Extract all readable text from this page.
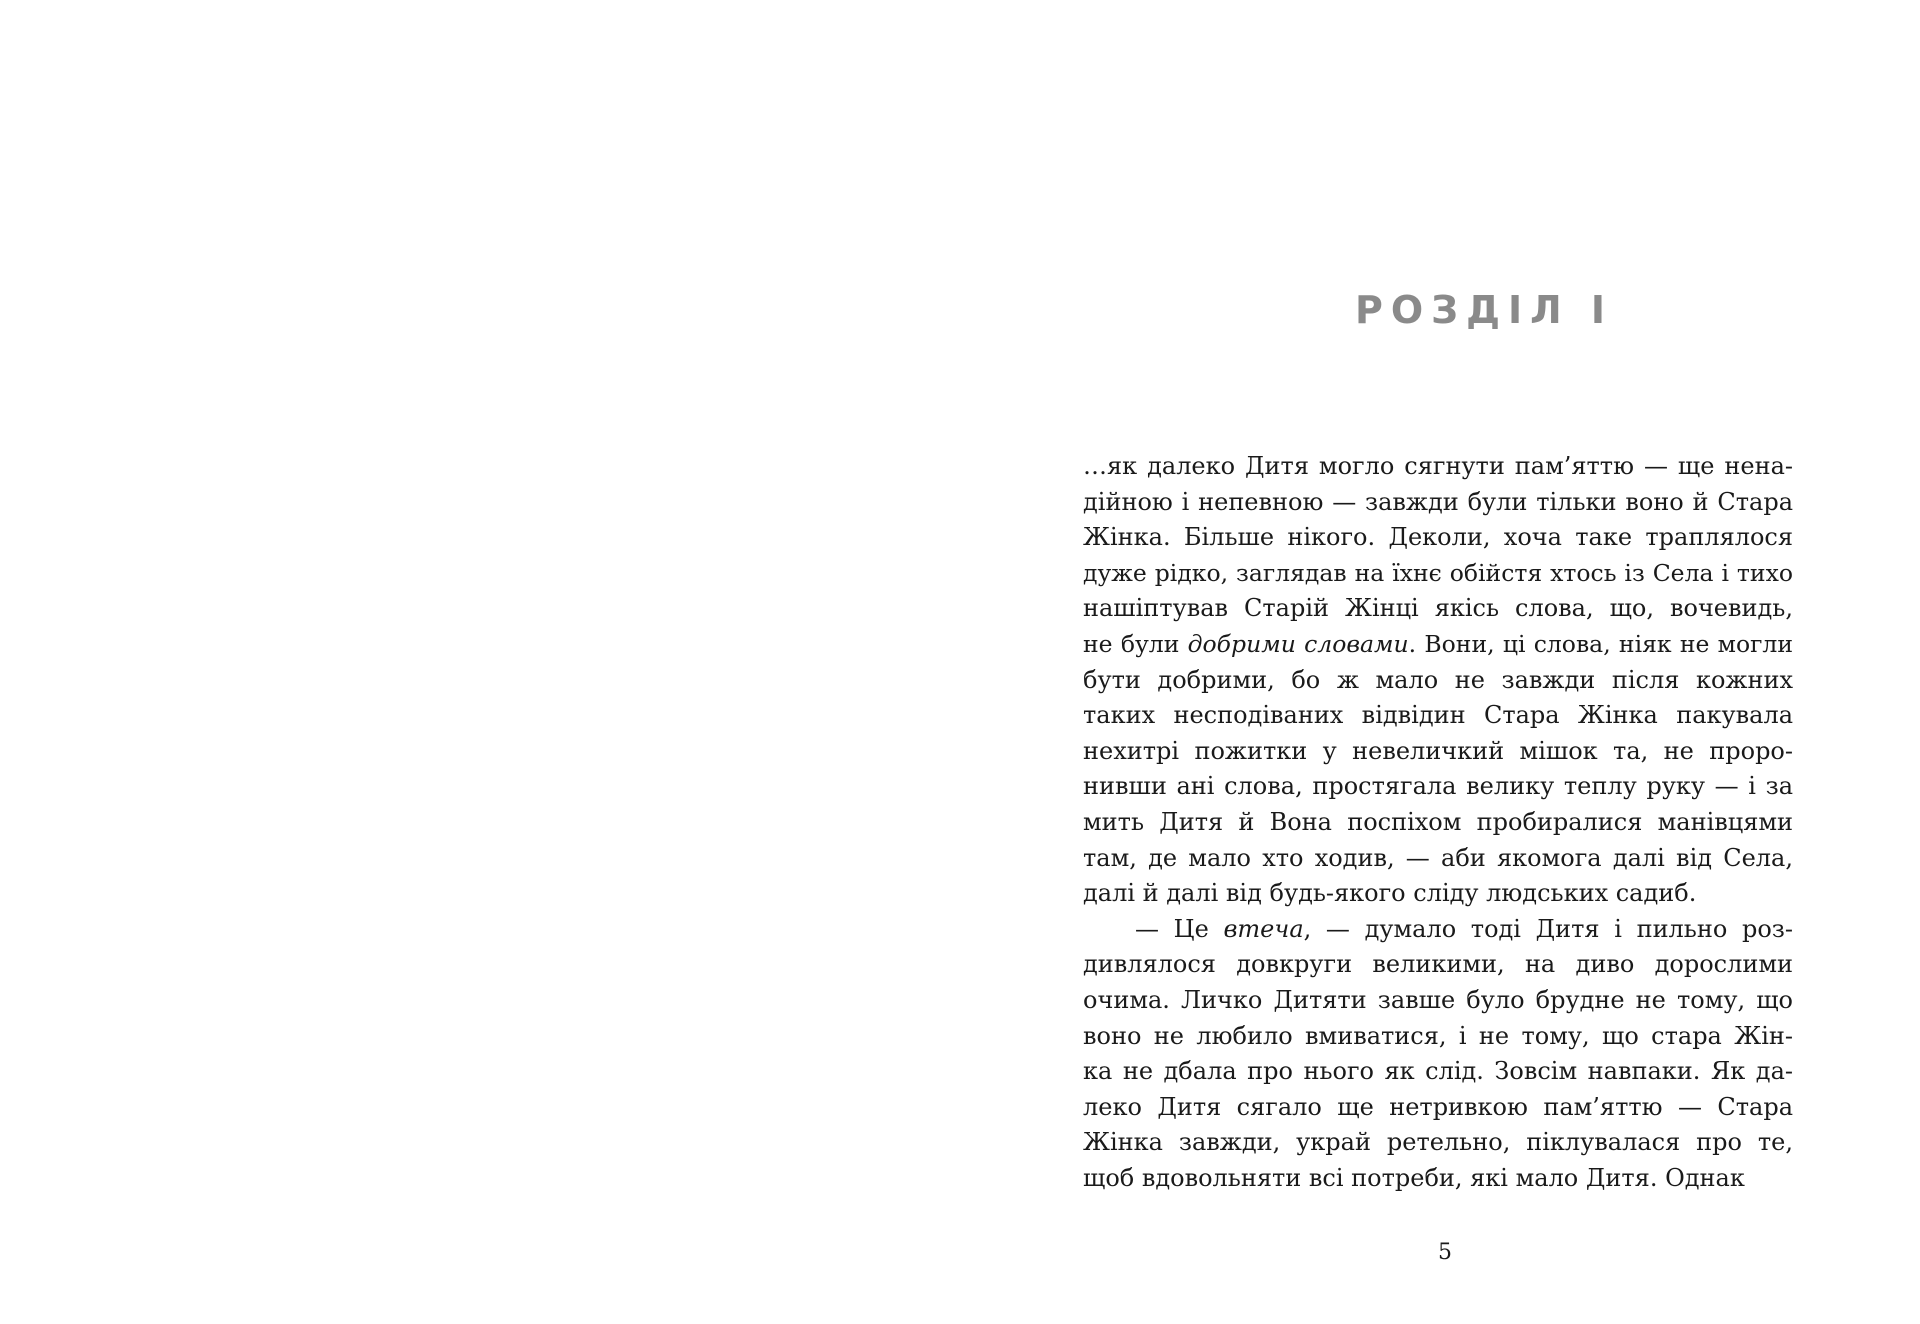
РОЗДІЛ І
…як далеко Дитя могло сягнути пам’яттю — ще нена-
дійною і непевною — завжди були тільки воно й Стара
Жінка. Більше нікого. Деколи, хоча таке траплялося
дуже рідко, заглядав на їхнє обійстя хтось із Села і тихо
нашіптував Старій Жінці якісь слова, що, вочевидь,
не були добрими словами. Вони, ці слова, ніяк не могли
бути добрими, бо ж мало не завжди після кожних
таких несподіваних відвідин Стара Жінка пакувала
нехитрі пожитки у невеличкий мішок та, не проро-
нивши ані слова, простягала велику теплу руку — і за
мить Дитя й Вона поспіхом пробиралися манівцями
там, де мало хто ходив, — аби якомога далі від Села,
далі й далі від будь-якого сліду людських садиб.
— Це втеча, — думало тоді Дитя і пильно роз-
дивлялося довкруги великими, на диво дорослими
очима. Личко Дитяти завше було брудне не тому, що
воно не любило вмиватися, і не тому, що стара Жін-
ка не дбала про нього як слід. Зовсім навпаки. Як да-
леко Дитя сягало ще нетривкою пам’яттю — Стара
Жінка завжди, украй ретельно, піклувалася про те,
щоб вдовольняти всі потреби, які мало Дитя. Однак
5
